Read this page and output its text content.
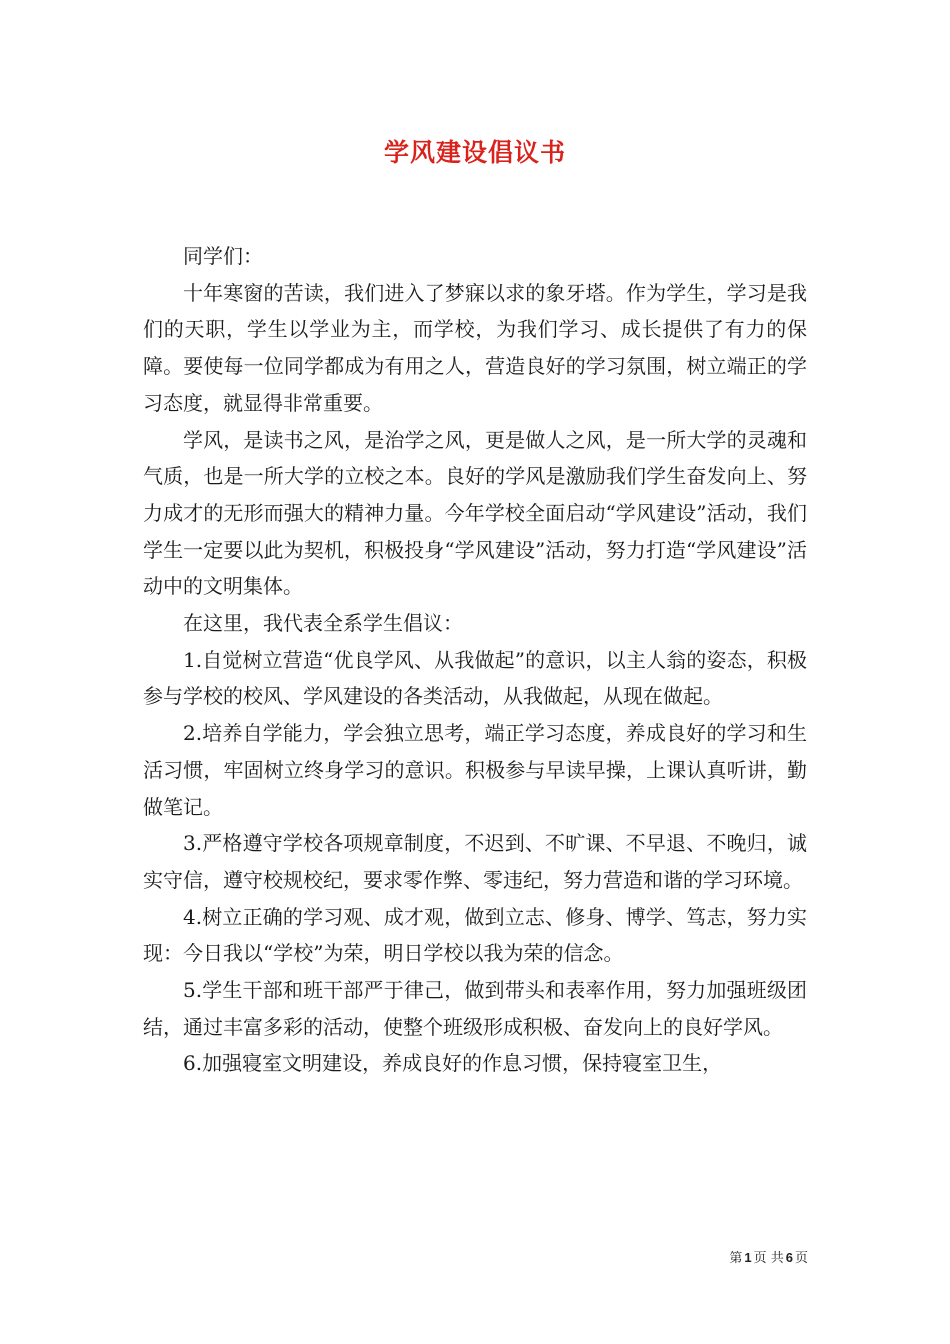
学风建设倡议书

同学们：

十年寒窗的苦读，我们进入了梦寐以求的象牙塔。作为学生，学习是我们的天职，学生以学业为主，而学校，为我们学习、成长提供了有力的保障。要使每一位同学都成为有用之人，营造良好的学习氛围，树立端正的学习态度，就显得非常重要。

学风，是读书之风，是治学之风，更是做人之风，是一所大学的灵魂和气质，也是一所大学的立校之本。良好的学风是激励我们学生奋发向上、努力成才的无形而强大的精神力量。今年学校全面启动“学风建设”活动，我们学生一定要以此为契机，积极投身“学风建设”活动，努力打造“学风建设”活动中的文明集体。

在这里，我代表全系学生倡议：

1.自觉树立营造“优良学风、从我做起”的意识，以主人翁的姿态，积极参与学校的校风、学风建设的各类活动，从我做起，从现在做起。

2.培养自学能力，学会独立思考，端正学习态度，养成良好的学习和生活习惯，牢固树立终身学习的意识。积极参与早读早操，上课认真听讲，勤做笔记。

3.严格遵守学校各项规章制度，不迟到、不旷课、不早退、不晚归，诚实守信，遵守校规校纪，要求零作弊、零违纪，努力营造和谐的学习环境。

4.树立正确的学习观、成才观，做到立志、修身、博学、笃志，努力实现：今日我以“学校”为荣，明日学校以我为荣的信念。

5.学生干部和班干部严于律己，做到带头和表率作用，努力加强班级团结，通过丰富多彩的活动，使整个班级形成积极、奋发向上的良好学风。

6.加强寝室文明建设，养成良好的作息习惯，保持寝室卫生，

第 1 页 共 6 页
